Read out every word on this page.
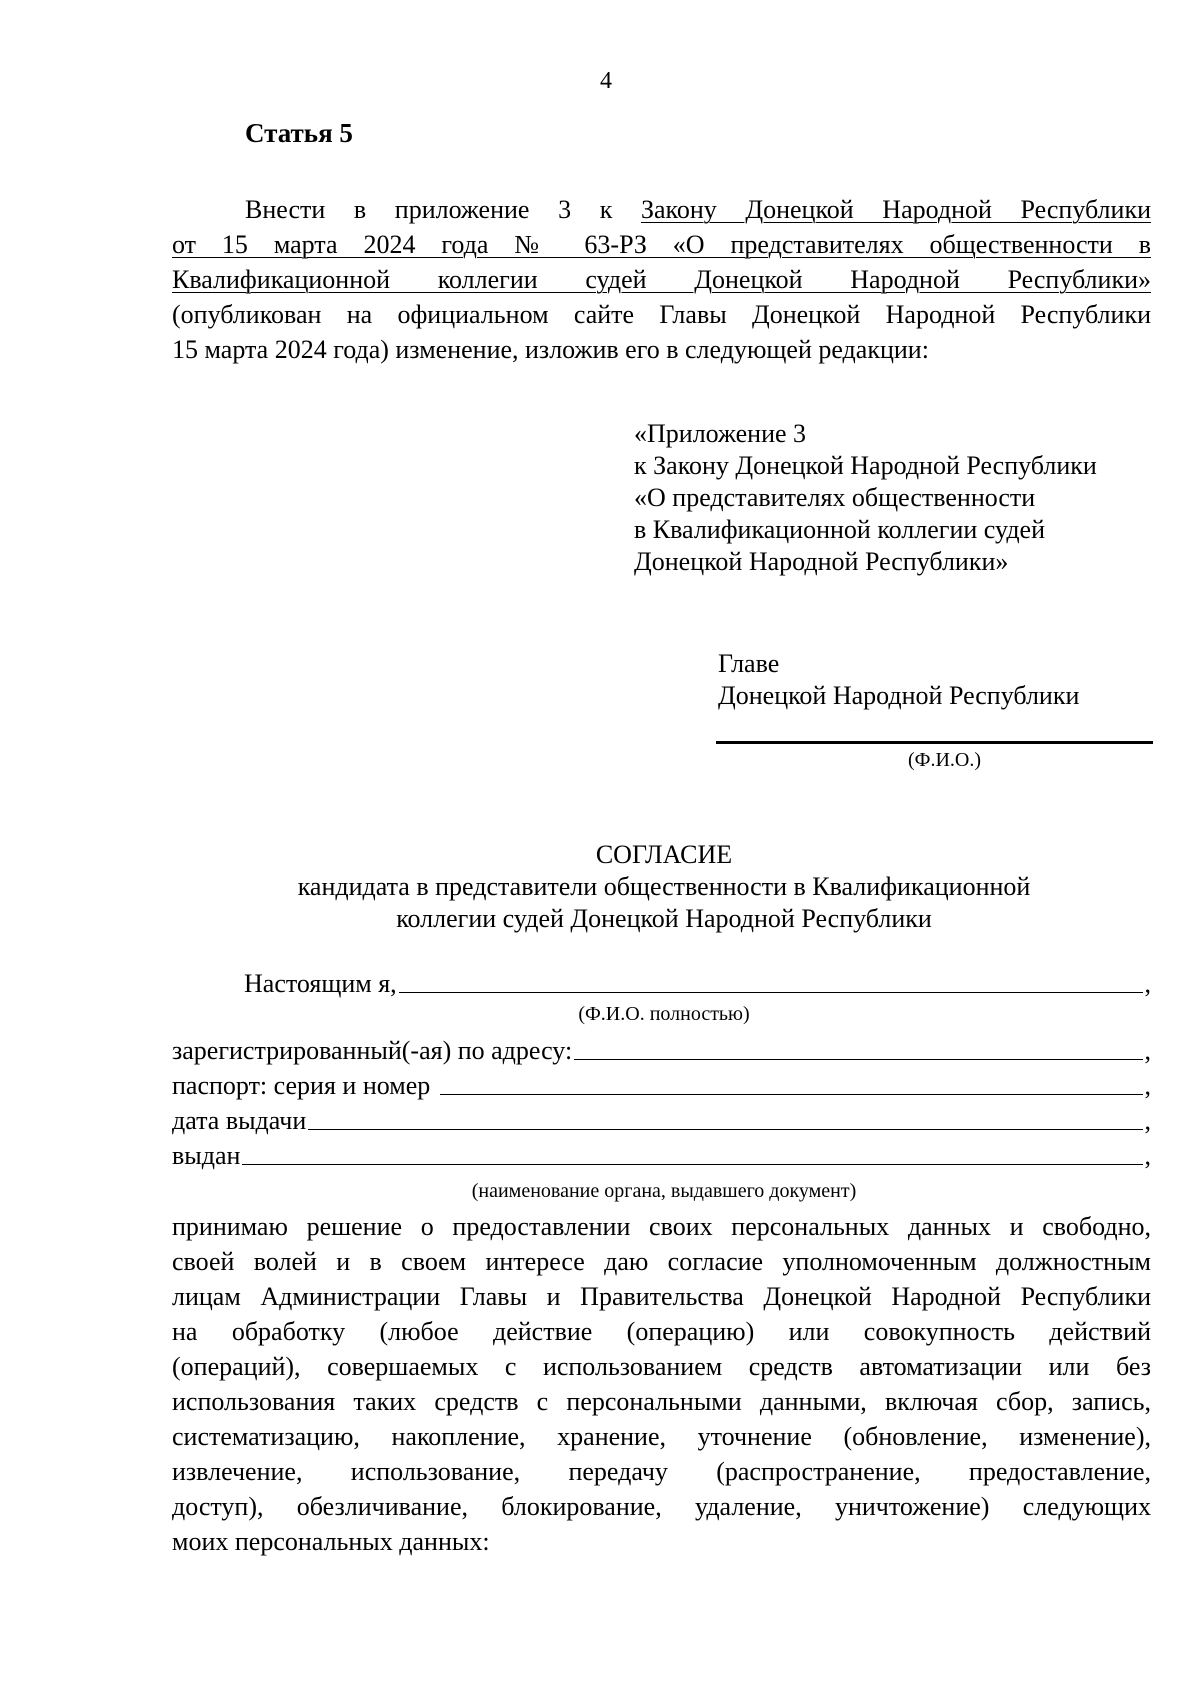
4
Статья 5
Внести в приложение 3 к Закону Донецкой Народной Республики
от 15 марта 2024 года № 63-РЗ «О представителях общественности в
Квалификационной коллегии судей Донецкой Народной Республики»
(опубликован на официальном сайте Главы Донецкой Народной Республики
15 марта 2024 года) изменение, изложив его в следующей редакции:
«Приложение 3
к Закону Донецкой Народной Республики
«О представителях общественности
в Квалификационной коллегии судей
Донецкой Народной Республики»
Главе
Донецкой Народной Республики
(Ф.И.О.)
СОГЛАСИЕ
кандидата в представители общественности в Квалификационной
коллегии судей Донецкой Народной Республики
Настоящим я,	,
(Ф.И.О. полностью)
зарегистрированный(-ая) по адресу:	,
паспорт: серия и номер	,
дата выдачи	,
выдан	,
(наименование органа, выдавшего документ)
принимаю решение о предоставлении своих персональных данных и свободно,
своей волей и в своем интересе даю согласие уполномоченным должностным
лицам Администрации Главы и Правительства Донецкой Народной Республики
на обработку (любое действие (операцию) или совокупность действий
(операций), совершаемых с использованием средств автоматизации или без
использования таких средств с персональными данными, включая сбор, запись,
систематизацию, накопление, хранение, уточнение (обновление, изменение),
извлечение, использование, передачу (распространение, предоставление,
доступ), обезличивание, блокирование, удаление, уничтожение) следующих
моих персональных данных:
